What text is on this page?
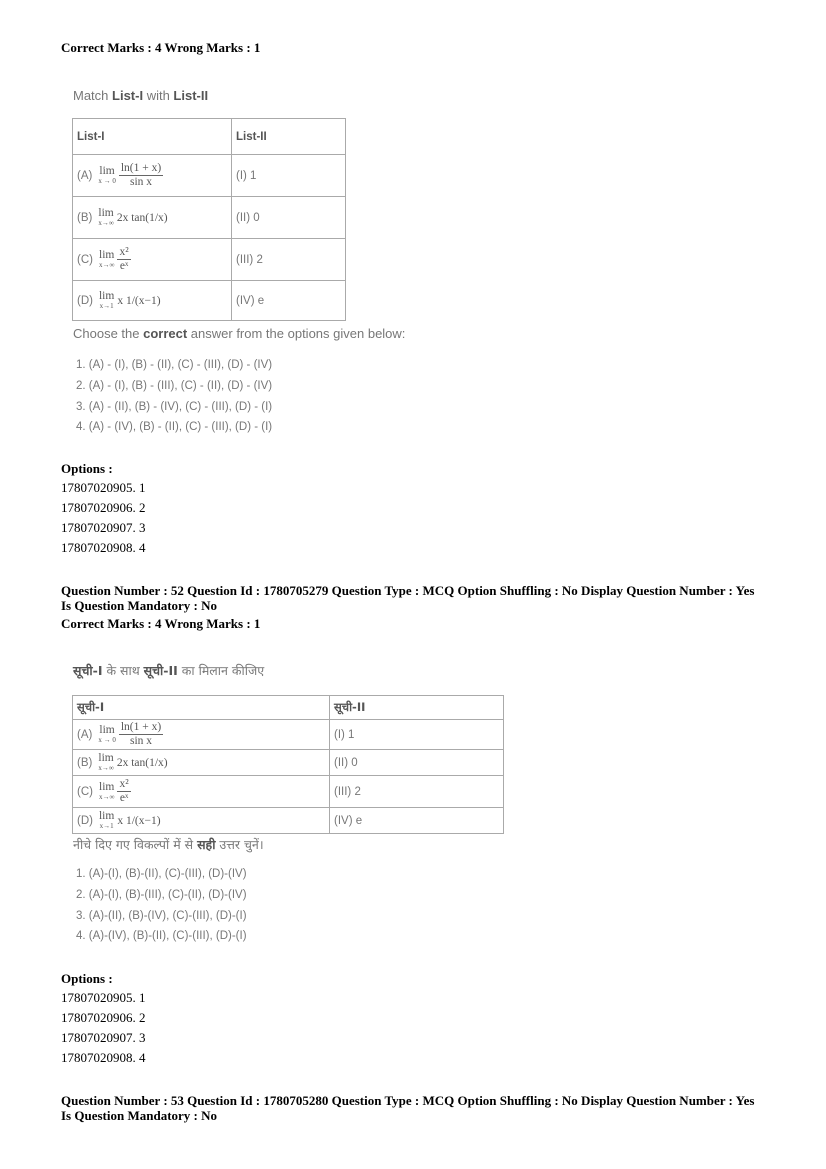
Correct Marks : 4 Wrong Marks : 1
Match List-I with List-II
List-I	List-II

(A) lim
$x \to 0 \frac{\ln(1 + x)}{\text{sin x}}$	(I) 1

(B) lim
x→∞ 2x tan(1/x)	(II) 0

(C) lim
$x\to\infty \frac{\text{x²}}{\text{eˣ}}$	(III) 2

(D) lim
x→1 x 1/(x−1)	(IV) e
Choose the correct answer from the options given below:
1. (A) - (I), (B) - (II), (C) - (III), (D) - (IV)
2. (A) - (I), (B) - (III), (C) - (II), (D) - (IV)
3. (A) - (II), (B) - (IV), (C) - (III), (D) - (I)
4. (A) - (IV), (B) - (II), (C) - (III), (D) - (I)
Options :
17807020905. 1
17807020906. 2
17807020907. 3
17807020908. 4
Question Number : 52 Question Id : 1780705279 Question Type : MCQ Option Shuffling : No Display Question Number : Yes
Is Question Mandatory : No
Correct Marks : 4 Wrong Marks : 1
सूची-I के साथ सूची-II का मिलान कीजिए
सूची-I	सूची-II

(A) lim
$x \to 0 \frac{\ln(1 + x)}{\text{sin x}}$	(I) 1

(B) lim
x→∞ 2x tan(1/x)	(II) 0

(C) lim
$x\to\infty \frac{\text{x²}}{\text{eˣ}}$	(III) 2

(D) lim
x→1 x 1/(x−1)	(IV) e
नीचे दिए गए विकल्पों में से सही उत्तर चुनें।
1. (A)-(I), (B)-(II), (C)-(III), (D)-(IV)
2. (A)-(I), (B)-(III), (C)-(II), (D)-(IV)
3. (A)-(II), (B)-(IV), (C)-(III), (D)-(I)
4. (A)-(IV), (B)-(II), (C)-(III), (D)-(I)
Options :
17807020905. 1
17807020906. 2
17807020907. 3
17807020908. 4
Question Number : 53 Question Id : 1780705280 Question Type : MCQ Option Shuffling : No Display Question Number : Yes
Is Question Mandatory : No
